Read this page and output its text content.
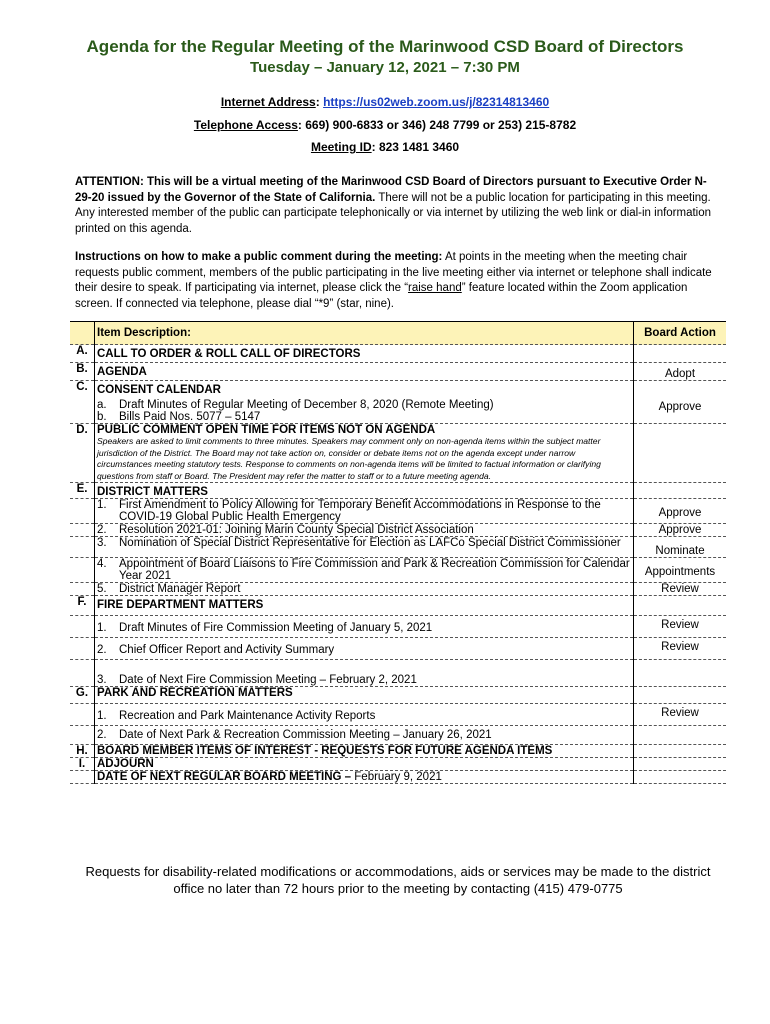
Agenda for the Regular Meeting of the Marinwood CSD Board of Directors
Tuesday – January 12, 2021 – 7:30 PM
Internet Address: https://us02web.zoom.us/j/82314813460
Telephone Access: 669) 900-6833 or 346) 248 7799 or 253) 215-8782
Meeting ID: 823 1481 3460
ATTENTION: This will be a virtual meeting of the Marinwood CSD Board of Directors pursuant to Executive Order N-29-20 issued by the Governor of the State of California. There will not be a public location for participating in this meeting. Any interested member of the public can participate telephonically or via internet by utilizing the web link or dial-in information printed on this agenda.
Instructions on how to make a public comment during the meeting: At points in the meeting when the meeting chair requests public comment, members of the public participating in the live meeting either via internet or telephone shall indicate their desire to speak. If participating via internet, please click the “raise hand” feature located within the Zoom application screen. If connected via telephone, please dial “*9” (star, nine).
	Item Description:	Board Action
A.	CALL TO ORDER & ROLL CALL OF DIRECTORS	
B.	AGENDA	Adopt
C.	CONSENT CALENDAR
a. Draft Minutes of Regular Meeting of December 8, 2020 (Remote Meeting)
b. Bills Paid Nos. 5077 – 5147	Approve
D.	PUBLIC COMMENT OPEN TIME FOR ITEMS NOT ON AGENDA
Speakers are asked to limit comments to three minutes. Speakers may comment only on non-agenda items within the subject matter jurisdiction of the District. The Board may not take action on, consider or debate items not on the agenda except under narrow circumstances meeting statutory tests. Response to comments on non-agenda items will be limited to factual information or clarifying questions from staff or Board. The President may refer the matter to staff or to a future meeting agenda.	

E.	DISTRICT MATTERS	

	1. First Amendment to Policy Allowing for Temporary Benefit Accommodations in Response to the COVID-19 Global Public Health Emergency	Approve

	2. Resolution 2021-01: Joining Marin County Special District Association	Approve

	3. Nomination of Special District Representative for Election as LAFCo Special District Commissioner	Nominate

	4. Appointment of Board Liaisons to Fire Commission and Park & Recreation Commission for Calendar Year 2021	Appointments

	5. District Manager Report	Review
F.	FIRE DEPARTMENT MATTERS	

	1. Draft Minutes of Fire Commission Meeting of January 5, 2021	Review

	2. Chief Officer Report and Activity Summary	Review

	3. Date of Next Fire Commission Meeting – February 2, 2021	

G.	PARK AND RECREATION MATTERS	

	1. Recreation and Park Maintenance Activity Reports	Review

	2. Date of Next Park & Recreation Commission Meeting – January 26, 2021	

H.	BOARD MEMBER ITEMS OF INTEREST - REQUESTS FOR FUTURE AGENDA ITEMS	
I.	ADJOURN	
	DATE OF NEXT REGULAR BOARD MEETING – February 9, 2021	
Requests for disability-related modifications or accommodations, aids or services may be made to the district office no later than 72 hours prior to the meeting by contacting (415) 479-0775
